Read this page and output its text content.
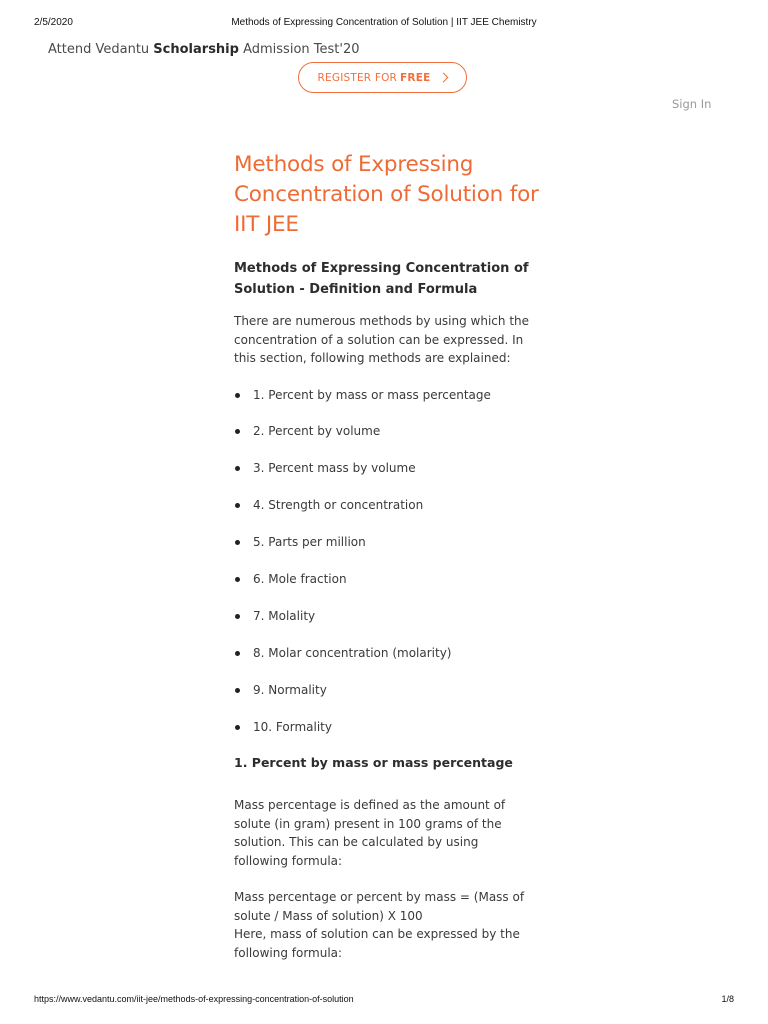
2/5/2020	Methods of Expressing Concentration of Solution | IIT JEE Chemistry
Attend Vedantu Scholarship Admission Test'20
REGISTER FOR FREE
Sign In
Methods of Expressing Concentration of Solution for IIT JEE
Methods of Expressing Concentration of Solution - Definition and Formula

There are numerous methods by using which the concentration of a solution can be expressed. In this section, following methods are explained:

1. Percent by mass or mass percentage
2. Percent by volume
3. Percent mass by volume
4. Strength or concentration
5. Parts per million
6. Mole fraction
7. Molality
8. Molar concentration (molarity)
9. Normality
10. Formality
1. Percent by mass or mass percentage

Mass percentage is defined as the amount of solute (in gram) present in 100 grams of the solution. This can be calculated by using following formula:

Mass percentage or percent by mass = (Mass of solute / Mass of solution) X 100
Here, mass of solution can be expressed by the following formula:

https://www.vedantu.com/iit-jee/methods-of-expressing-concentration-of-solution	1/8
